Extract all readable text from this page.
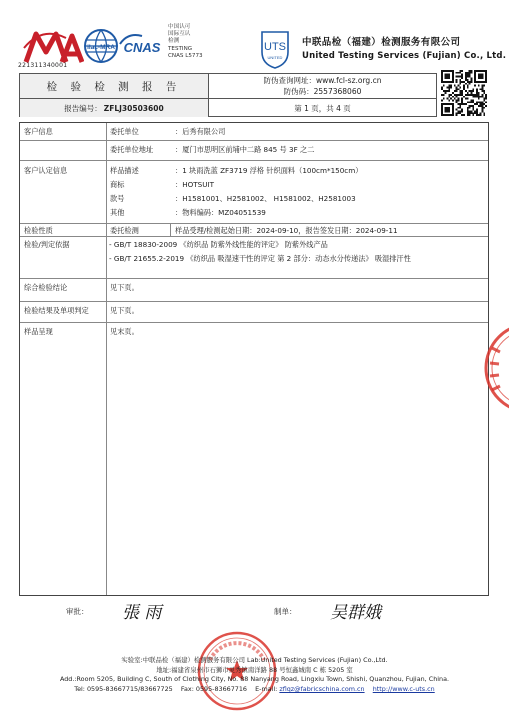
221311340001
ilac-MRA CNAS
中国认可
国际互认
检测
TESTING
CNAS L5773
UTS
UNITED
中联品检（福建）检测服务有限公司
United Testing Services (Fujian) Co., Ltd.
检 验 检 测 报 告
报告编号： ZFLJ30503600
防伪查询网址：www.fcl-sz.org.cn
防伪码：2557368060
第 1 页，共 4 页
客户信息	委托单位	：后秀有限公司
委托单位地址	：厦门市思明区前埔中二路 845 号 3F 之二
客户认定信息	样品描述	：1 块雨洗蓝 ZF3719 浮格 针织面料（100cm*150cm）
商标	：HOTSUIT
款号	：H1581001、H2581002、 H1581002、H2581003
其他	：物料编码：MZ04051539
检验性质	委托检测	样品受理/检测起始日期：2024-09-10，报告签发日期：2024-09-11
检验/判定依据	- GB/T 18830-2009 《纺织品 防紫外线性能的评定》 防紫外线产品
- GB/T 21655.2-2019 《纺织品 吸湿速干性的评定 第 2 部分：动态水分传递法》 吸湿排汗性
综合检验结论	见下页。
检验结果及单项判定	见下页。
样品呈现	见末页。
审批： 張 雨	制单： 吴群娥
实验室:中联品检（福建）检测服务有限公司 Lab:United Testing Services (Fujian) Co.,Ltd.
地址:福建省泉州市石狮市灵秀镇南洋路 88 号恒鑫城南 C 栋 5205 室
Add.:Room 5205, Building C, South of Clothing City, No. 88 Nanyang Road, Lingxiu Town, Shishi, Quanzhou, Fujian, China.
Tel: 0595-83667715/83667725 Fax: 0595-83667716    E-mail: zflqz@fabricschina.com.cn http://www.c-uts.cn
